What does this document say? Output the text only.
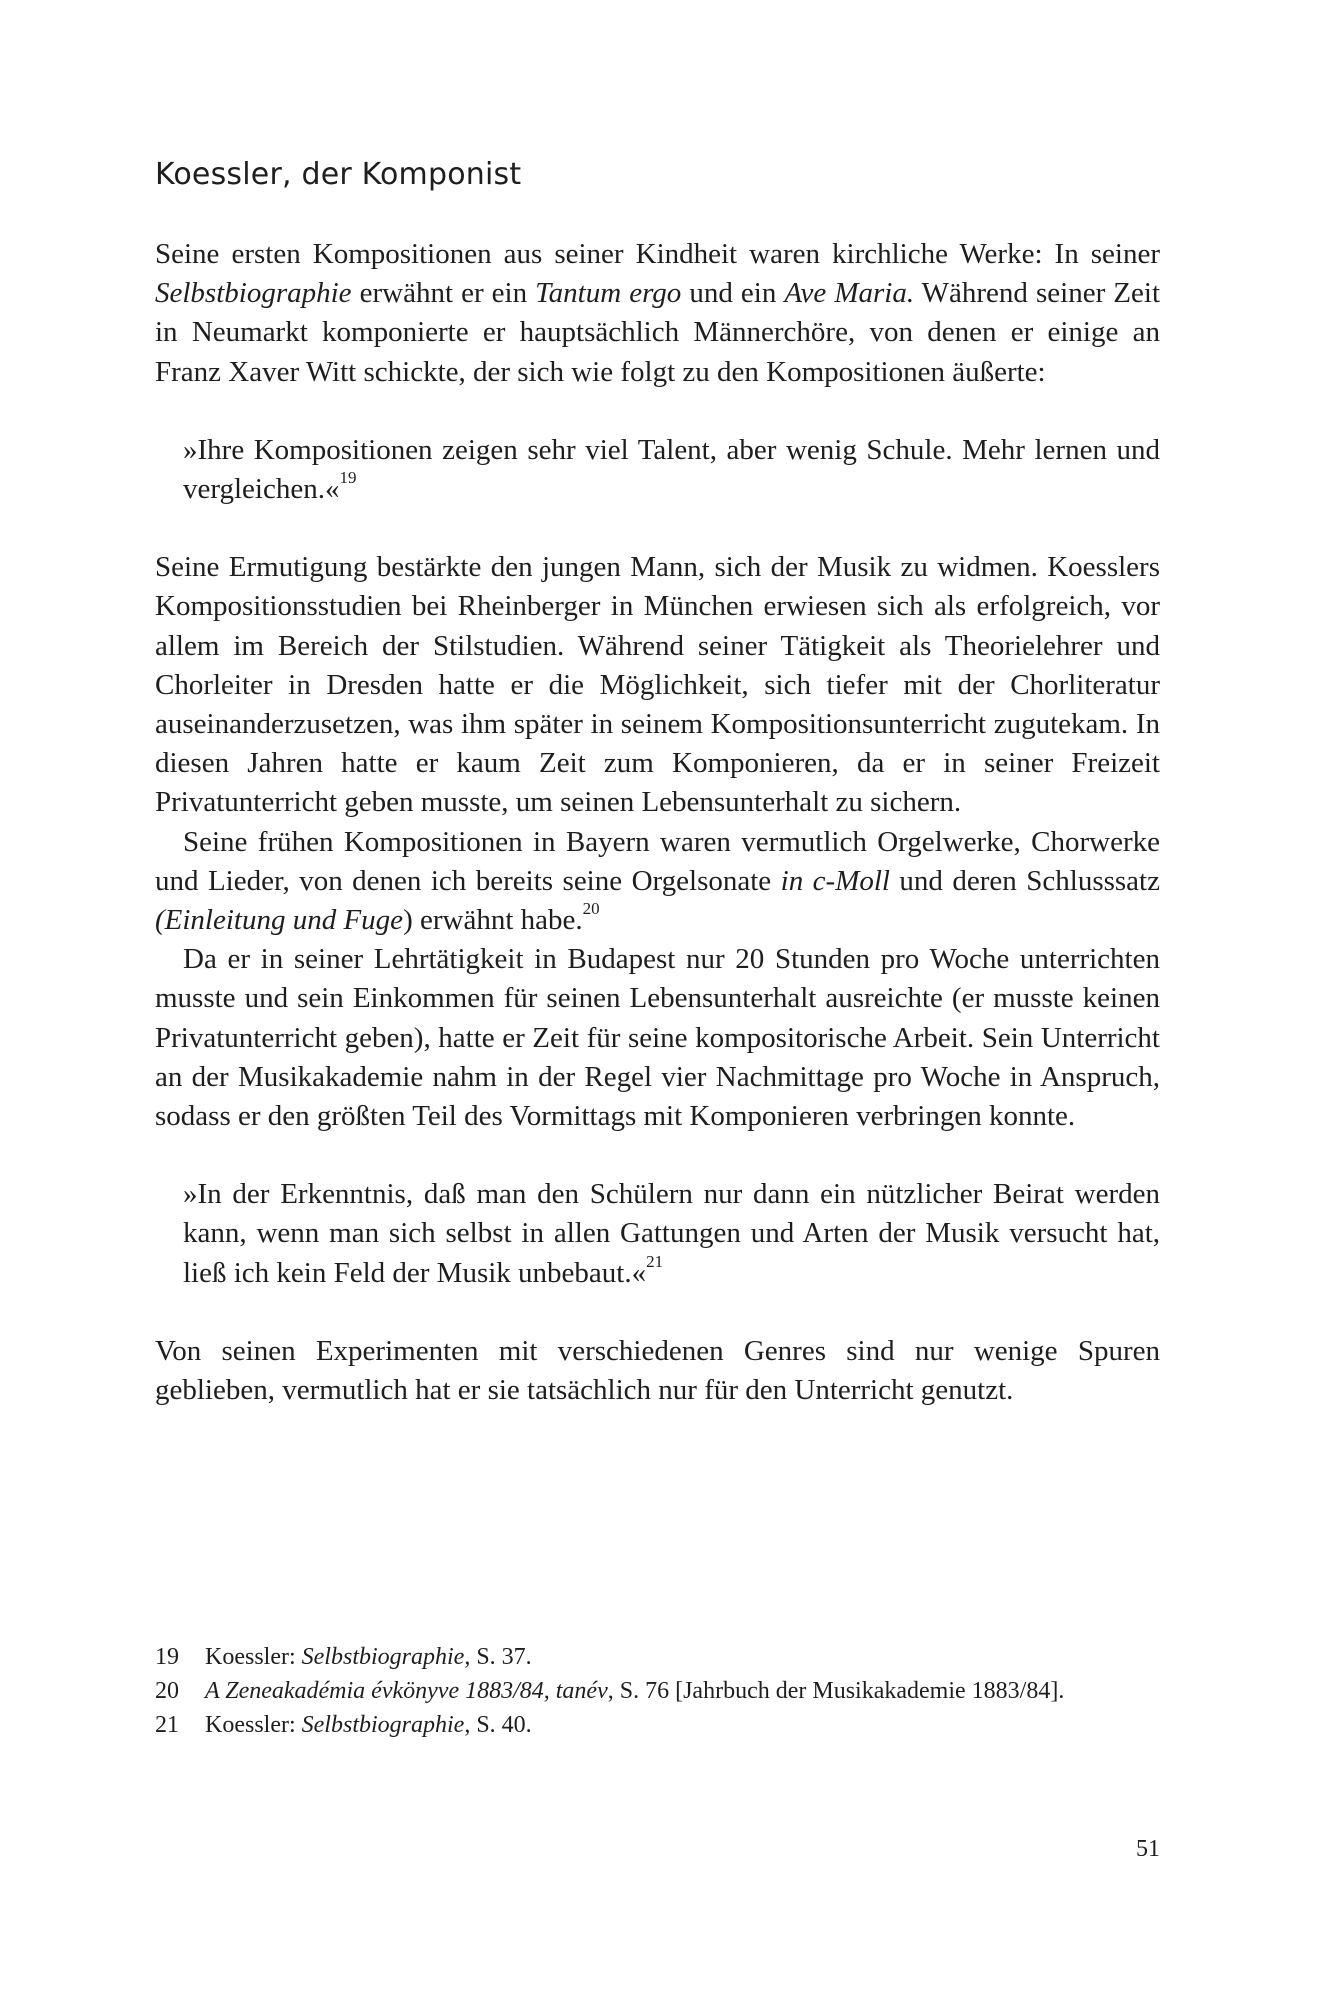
Koessler, der Komponist

Seine ersten Kompositionen aus seiner Kindheit waren kirchliche Werke: In seiner Selbstbiographie erwähnt er ein Tantum ergo und ein Ave Maria. Während seiner Zeit in Neumarkt komponierte er hauptsächlich Männerchöre, von denen er einige an Franz Xaver Witt schickte, der sich wie folgt zu den Kompositionen äußerte:

»Ihre Kompositionen zeigen sehr viel Talent, aber wenig Schule. Mehr lernen und vergleichen.«$^{19}$

Seine Ermutigung bestärkte den jungen Mann, sich der Musik zu widmen. Koesslers Kompositionsstudien bei Rheinberger in München erwiesen sich als erfolgreich, vor allem im Bereich der Stilstudien. Während seiner Tätigkeit als Theorielehrer und Chorleiter in Dresden hatte er die Möglichkeit, sich tiefer mit der Chorliteratur auseinanderzusetzen, was ihm später in seinem Kompositionsunterricht zugutekam. In diesen Jahren hatte er kaum Zeit zum Komponieren, da er in seiner Freizeit Privatunterricht geben musste, um seinen Lebensunterhalt zu sichern.

Seine frühen Kompositionen in Bayern waren vermutlich Orgelwerke, Chorwerke und Lieder, von denen ich bereits seine Orgelsonate in c-Moll und deren Schlusssatz (Einleitung und Fuge) erwähnt habe.$^{20}$

Da er in seiner Lehrtätigkeit in Budapest nur 20 Stunden pro Woche unterrichten musste und sein Einkommen für seinen Lebensunterhalt ausreichte (er musste keinen Privatunterricht geben), hatte er Zeit für seine kompositorische Arbeit. Sein Unterricht an der Musikakademie nahm in der Regel vier Nachmittage pro Woche in Anspruch, sodass er den größten Teil des Vormittags mit Komponieren verbringen konnte.

»In der Erkenntnis, daß man den Schülern nur dann ein nützlicher Beirat werden kann, wenn man sich selbst in allen Gattungen und Arten der Musik versucht hat, ließ ich kein Feld der Musik unbebaut.«$^{21}$

Von seinen Experimenten mit verschiedenen Genres sind nur wenige Spuren geblieben, vermutlich hat er sie tatsächlich nur für den Unterricht genutzt.

19	Koessler: Selbstbiographie, S. 37.
20	A Zeneakadémia évkönyve 1883/84, tanév, S. 76 [Jahrbuch der Musikakademie 1883/84].
21	Koessler: Selbstbiographie, S. 40.
51
